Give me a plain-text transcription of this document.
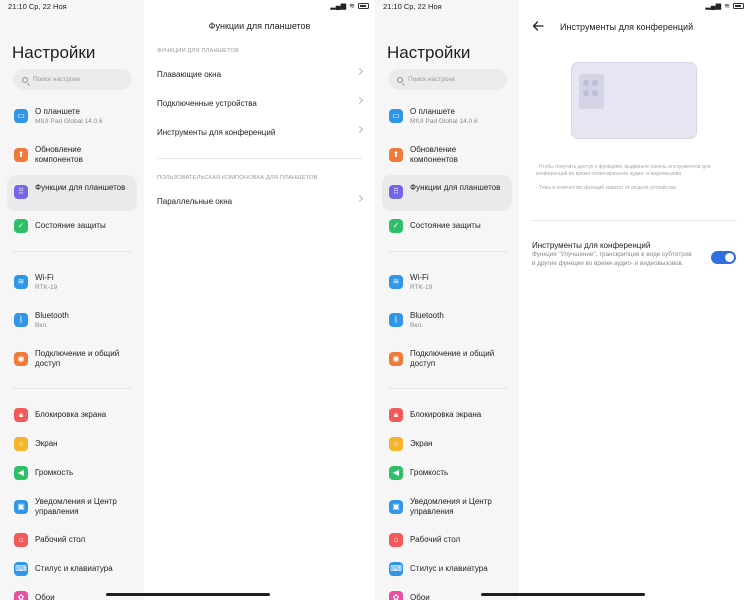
21:10 Ср, 22 Ноя
Настройки
Поиск настроек
▭	О планшете
MIUI Pad Global 14.0.6
⬆
Обновление компонентов
⠿	Функции для планшетов
✓	Состояние защиты
≋	Wi-Fi
RTK-19
ᛒ	Bluetooth
Вкл.
◉
Подключение и общий доступ
🔒︎	Блокировка экрана
☼	Экран
◀	Громкость
▣
Уведомления и Центр управления
⌂	Рабочий стол
⌨ Стилус и клавиатура
✿	Обои
▂▄▆ ≋
Функции для планшетов
ФУНКЦИИ ДЛЯ ПЛАНШЕТОВ
Плавающие окна
Подключенные устройства
Инструменты для конференций
ПОЛЬЗОВАТЕЛЬСКАЯ КОМПОНОВКА ДЛЯ ПЛАНШЕТОВ
Параллельные окна
21:10 Ср, 22 Ноя
Настройки
Поиск настроек
▭	О планшете
MIUI Pad Global 14.0.6
⬆
Обновление компонентов
⠿	Функции для планшетов
✓	Состояние защиты
≋	Wi-Fi
RTK-19
ᛒ	Bluetooth
Вкл.
◉
Подключение и общий доступ
🔒︎	Блокировка экрана
☼	Экран
◀	Громкость
▣
Уведомления и Центр управления
⌂	Рабочий стол
⌨ Стилус и клавиатура
✿	Обои
▂▄▆ ≋
Инструменты для конференций
· Чтобы получить доступ к функциям, выдвиньте панель инструментов для конференций во время полноэкранного аудио- и видеовызова.
· Типы и количество функций зависят от модели устройства.
Инструменты для конференций
Функция "Улучшение", транскрипция в виде субтитров и другие функции во время аудио- и видеовызовов.
